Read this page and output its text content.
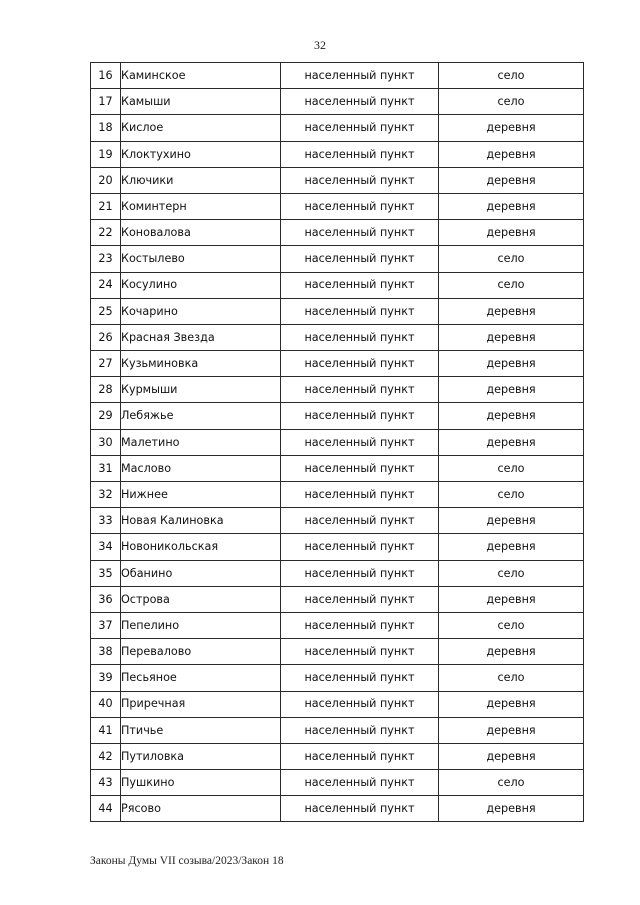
32
16	Каминское	населенный пункт	село
17	Камыши	населенный пункт	село
18	Кислое	населенный пункт	деревня
19	Клоктухино	населенный пункт	деревня
20	Ключики	населенный пункт	деревня
21	Коминтерн	населенный пункт	деревня
22	Коновалова	населенный пункт	деревня
23	Костылево	населенный пункт	село
24	Косулино	населенный пункт	село
25	Кочарино	населенный пункт	деревня
26	Красная Звезда	населенный пункт	деревня
27	Кузьминовка	населенный пункт	деревня
28	Курмыши	населенный пункт	деревня
29	Лебяжье	населенный пункт	деревня
30	Малетино	населенный пункт	деревня
31	Маслово	населенный пункт	село
32	Нижнее	населенный пункт	село
33	Новая Калиновка	населенный пункт	деревня
34	Новоникольская	населенный пункт	деревня
35	Обанино	населенный пункт	село
36	Острова	населенный пункт	деревня
37	Пепелино	населенный пункт	село
38	Перевалово	населенный пункт	деревня
39	Песьяное	населенный пункт	село
40	Приречная	населенный пункт	деревня
41	Птичье	населенный пункт	деревня
42	Путиловка	населенный пункт	деревня
43	Пушкино	населенный пункт	село
44	Рясово	населенный пункт	деревня
Законы Думы VII созыва/2023/Закон 18
